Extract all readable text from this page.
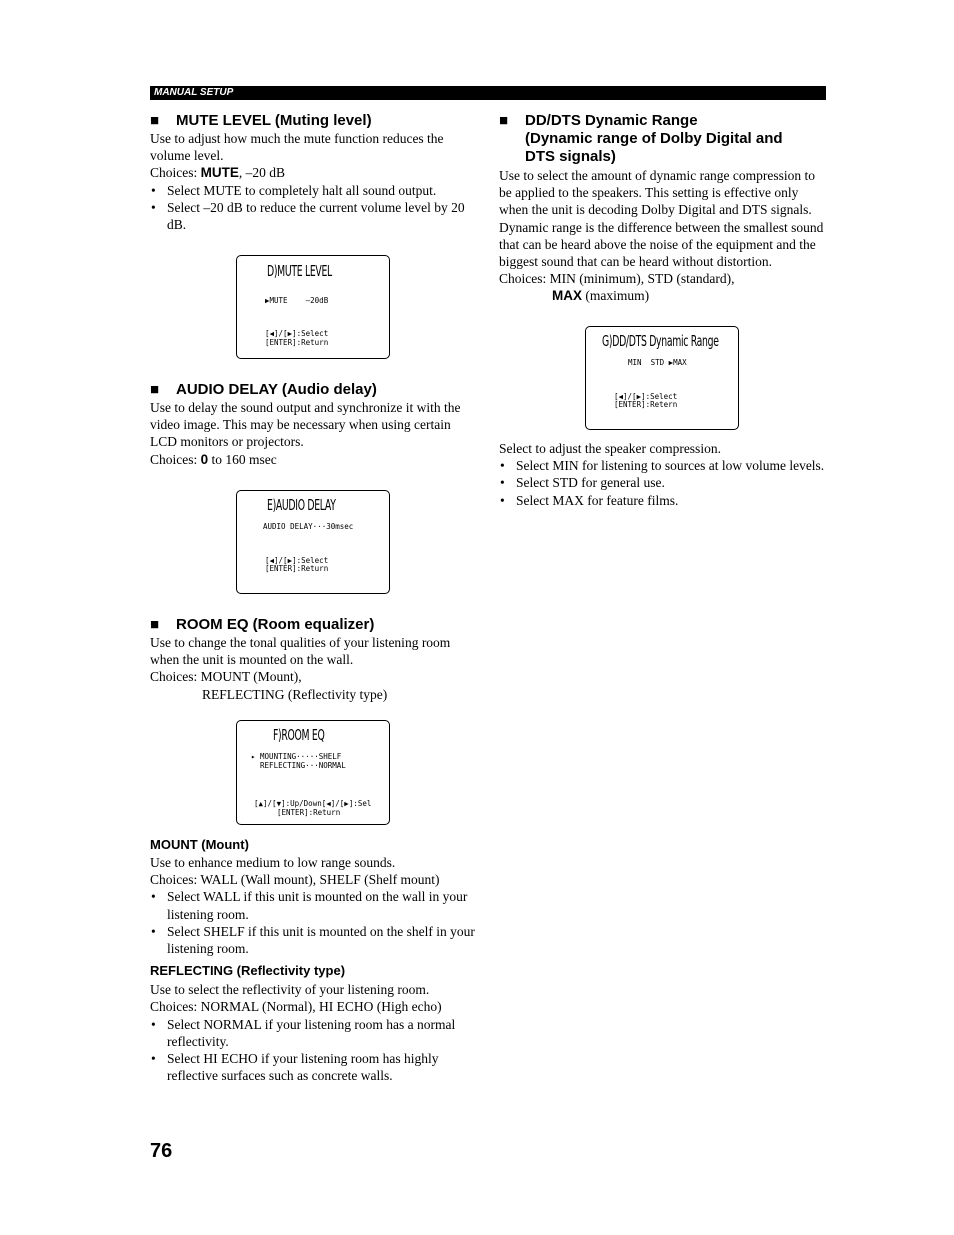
MANUAL SETUP

■ MUTE LEVEL (Muting level)

Use to adjust how much the mute function reduces the volume level.

Choices: MUTE, –20 dB

• Select MUTE to completely halt all sound output.
• Select –20 dB to reduce the current volume level by 20 dB.
D)MUTE LEVEL
▶MUTE    –20dB
[◀]/[▶]:Select
[ENTER]:Return

■ AUDIO DELAY (Audio delay)

Use to delay the sound output and synchronize it with the video image. This may be necessary when using certain LCD monitors or projectors.

Choices: 0 to 160 msec

E)AUDIO DELAY
AUDIO DELAY···30msec
[◀]/[▶]:Select
[ENTER]:Return

■ ROOM EQ (Room equalizer)

Use to change the tonal qualities of your listening room when the unit is mounted on the wall.

Choices: MOUNT (Mount),

REFLECTING (Reflectivity type)

F)ROOM EQ
▸ MOUNTING·····SHELF
REFLECTING···NORMAL
[▲]/[▼]:Up/Down[◀]/[▶]:Sel
[ENTER]:Return

MOUNT (Mount)

Use to enhance medium to low range sounds.

Choices: WALL (Wall mount), SHELF (Shelf mount)

• Select WALL if this unit is mounted on the wall in your listening room.
• Select SHELF if this unit is mounted on the shelf in your listening room.

REFLECTING (Reflectivity type)

Use to select the reflectivity of your listening room.

Choices: NORMAL (Normal), HI ECHO (High echo)

• Select NORMAL if your listening room has a normal reflectivity.
• Select HI ECHO if your listening room has highly reflective surfaces such as concrete walls.

■ DD/DTS Dynamic Range

(Dynamic range of Dolby Digital and

DTS signals)

Use to select the amount of dynamic range compression to be applied to the speakers. This setting is effective only when the unit is decoding Dolby Digital and DTS signals. Dynamic range is the difference between the smallest sound that can be heard above the noise of the equipment and the biggest sound that can be heard without distortion.

Choices: MIN (minimum), STD (standard),

MAX (maximum)

G)DD/DTS Dynamic Range
MIN  STD ▶MAX
[◀]/[▶]:Select
[ENTER]:Retern

Select to adjust the speaker compression.

• Select MIN for listening to sources at low volume levels.
• Select STD for general use.
• Select MAX for feature films.
76
